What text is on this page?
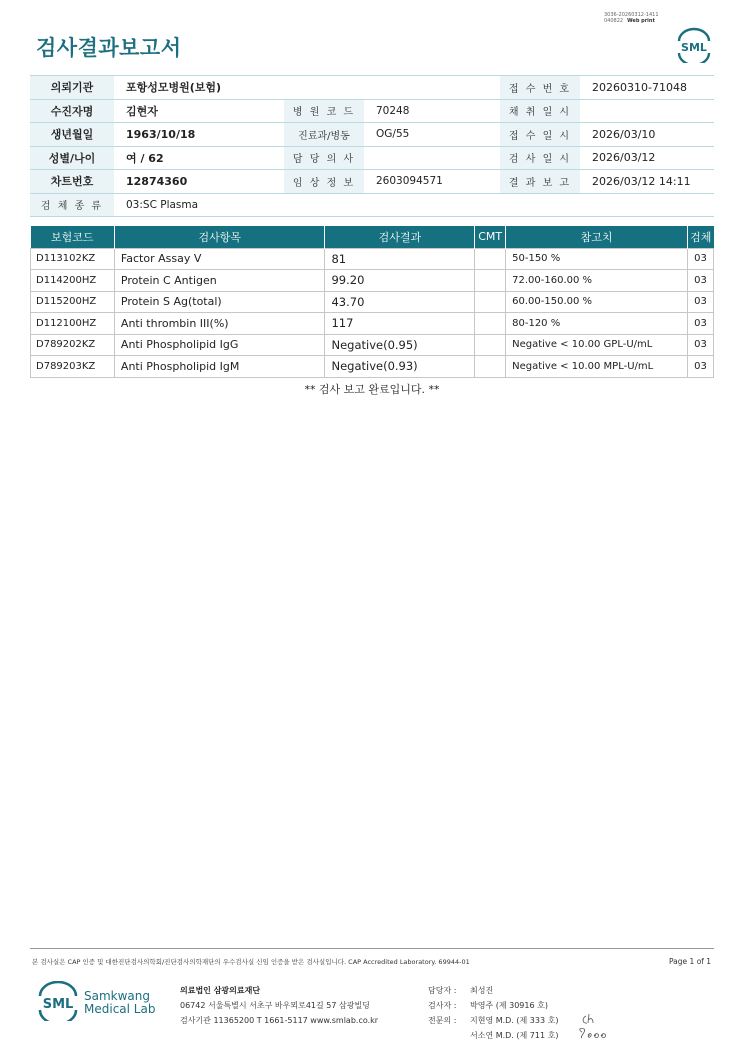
3036-20260312-1411
040822 Web print
검사결과보고서	SML
의뢰기관	포항성모병원(보험)			접 수 번 호	20260310-71048
수진자명	김현자	병 원 코 드	70248	채 취 일 시	
생년월일	1963/10/18	진료과/병동	OG/55	접 수 일 시	2026/03/10
성별/나이	여 / 62	담 당 의 사		검 사 일 시	2026/03/12
차트번호	12874360	임 상 정 보	2603094571	결 과 보 고	2026/03/12 14:11
검 체 종 류	03:SC Plasma				
보험코드	검사항목	검사결과	CMT	참고치	검체
D113102KZ	Factor Assay V	81		50-150 %	03
D114200HZ	Protein C Antigen	99.20		72.00-160.00 %	03
D115200HZ	Protein S Ag(total)	43.70		60.00-150.00 %	03
D112100HZ	Anti thrombin III(%)	117		80-120 %	03
D789202KZ	Anti Phospholipid IgG	Negative(0.95)		Negative < 10.00 GPL-U/mL	03
D789203KZ	Anti Phospholipid IgM	Negative(0.93)		Negative < 10.00 MPL-U/mL	03
** 검사 보고 완료입니다. **
본 검사실은 CAP 인증 및 대한진단검사의학회/진단검사의학재단의 우수검사실 신임 인증을 받은 검사실입니다. CAP Accredited Laboratory. 69944-01	Page 1 of 1
SML
Samkwang
Medical Lab
의료법인 삼광의료재단
06742 서울특별시 서초구 바우뫼로41길 57 삼광빌딩
검사기관 11365200 T 1661-5117 www.smlab.co.kr
담당자 : 최성진
검사자 : 박영주 (제 30916 호)
전문의 : 지현영 M.D. (제 333 호)
서소연 M.D. (제 711 호)
